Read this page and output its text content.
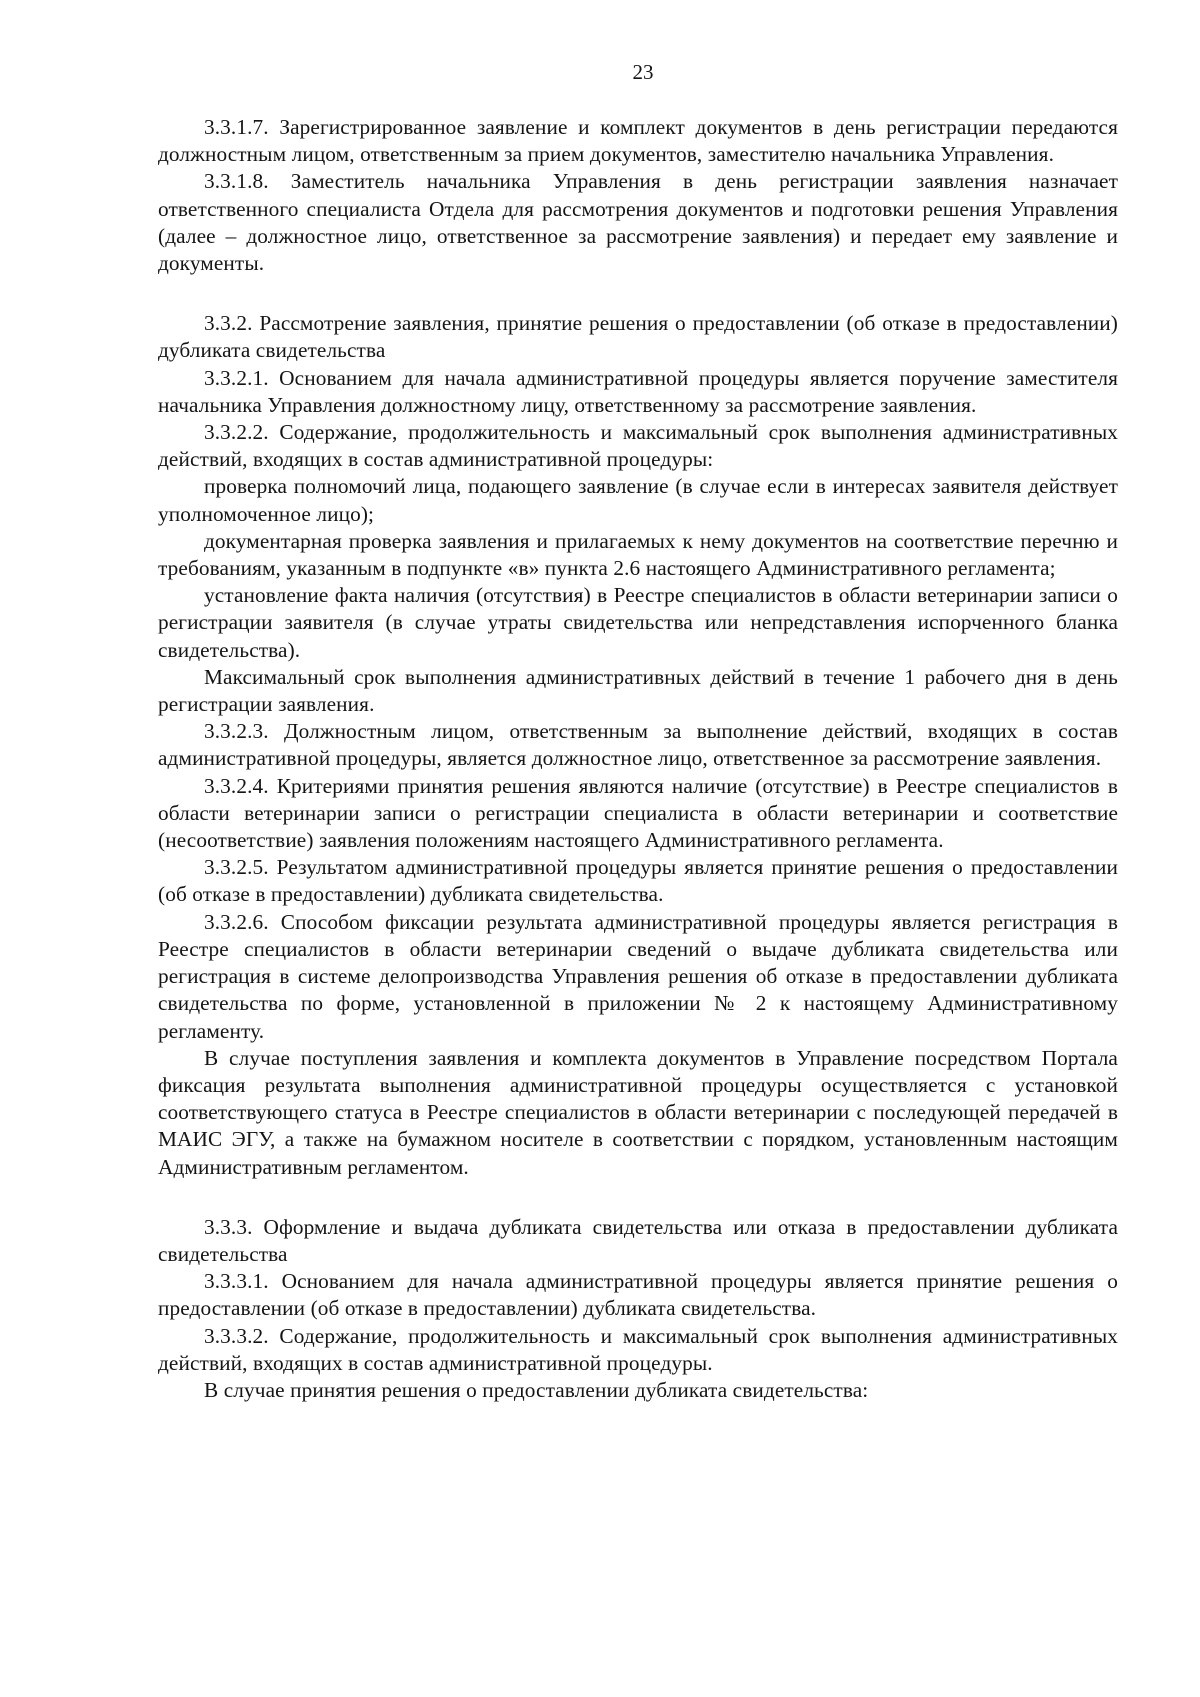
23

3.3.1.7. Зарегистрированное заявление и комплект документов в день регистрации передаются должностным лицом, ответственным за прием документов, заместителю начальника Управления.

3.3.1.8. Заместитель начальника Управления в день регистрации заявления назначает ответственного специалиста Отдела для рассмотрения документов и подготовки решения Управления (далее – должностное лицо, ответственное за рассмотрение заявления) и передает ему заявление и документы.

3.3.2. Рассмотрение заявления, принятие решения о предоставлении (об отказе в предоставлении) дубликата свидетельства

3.3.2.1. Основанием для начала административной процедуры является поручение заместителя начальника Управления должностному лицу, ответственному за рассмотрение заявления.

3.3.2.2. Содержание, продолжительность и максимальный срок выполнения административных действий, входящих в состав административной процедуры:

проверка полномочий лица, подающего заявление (в случае если в интересах заявителя действует уполномоченное лицо);

документарная проверка заявления и прилагаемых к нему документов на соответствие перечню и требованиям, указанным в подпункте «в» пункта 2.6 настоящего Административного регламента;

установление факта наличия (отсутствия) в Реестре специалистов в области ветеринарии записи о регистрации заявителя (в случае утраты свидетельства или непредставления испорченного бланка свидетельства).

Максимальный срок выполнения административных действий в течение 1 рабочего дня в день регистрации заявления.

3.3.2.3. Должностным лицом, ответственным за выполнение действий, входящих в состав административной процедуры, является должностное лицо, ответственное за рассмотрение заявления.

3.3.2.4. Критериями принятия решения являются наличие (отсутствие) в Реестре специалистов в области ветеринарии записи о регистрации специалиста в области ветеринарии и соответствие (несоответствие) заявления положениям настоящего Административного регламента.

3.3.2.5. Результатом административной процедуры является принятие решения о предоставлении (об отказе в предоставлении) дубликата свидетельства.

3.3.2.6. Способом фиксации результата административной процедуры является регистрация в Реестре специалистов в области ветеринарии сведений о выдаче дубликата свидетельства или регистрация в системе делопроизводства Управления решения об отказе в предоставлении дубликата свидетельства по форме, установленной в приложении № 2 к настоящему Административному регламенту.

В случае поступления заявления и комплекта документов в Управление посредством Портала фиксация результата выполнения административной процедуры осуществляется с установкой соответствующего статуса в Реестре специалистов в области ветеринарии с последующей передачей в МАИС ЭГУ, а также на бумажном носителе в соответствии с порядком, установленным настоящим Административным регламентом.

3.3.3. Оформление и выдача дубликата свидетельства или отказа в предоставлении дубликата свидетельства

3.3.3.1. Основанием для начала административной процедуры является принятие решения о предоставлении (об отказе в предоставлении) дубликата свидетельства.

3.3.3.2. Содержание, продолжительность и максимальный срок выполнения административных действий, входящих в состав административной процедуры.

В случае принятия решения о предоставлении дубликата свидетельства:
